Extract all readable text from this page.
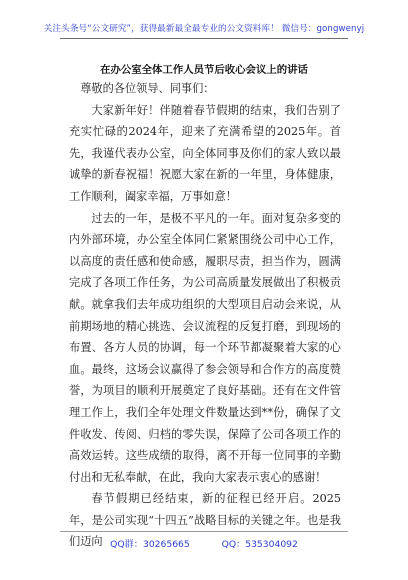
关注头条号“公文研究”，获得最新最全最专业的公文资料库！ 微信号：gongwenyj
在办公室全体工作人员节后收心会议上的讲话

尊敬的各位领导、同事们：

大家新年好！伴随着春节假期的结束，我们告别了充实忙碌的2024年，迎来了充满希望的2025年。首先，我谨代表办公室，向全体同事及你们的家人致以最诚挚的新春祝福！祝愿大家在新的一年里，身体健康，工作顺利，阖家幸福，万事如意！

过去的一年，是极不平凡的一年。面对复杂多变的内外部环境，办公室全体同仁紧紧围绕公司中心工作，以高度的责任感和使命感，履职尽责，担当作为，圆满完成了各项工作任务，为公司高质量发展做出了积极贡献。就拿我们去年成功组织的大型项目启动会来说，从前期场地的精心挑选、会议流程的反复打磨，到现场的布置、各方人员的协调，每一个环节都凝聚着大家的心血。最终，这场会议赢得了参会领导和合作方的高度赞誉，为项目的顺利开展奠定了良好基础。还有在文件管理工作上，我们全年处理文件数量达到**份，确保了文件收发、传阅、归档的零失误，保障了公司各项工作的高效运转。这些成绩的取得，离不开每一位同事的辛勤付出和无私奉献，在此，我向大家表示衷心的感谢！

春节假期已经结束，新的征程已经开启。2025年，是公司实现“十四五”战略目标的关键之年。也是我们迈向 QQ群：30265665	QQ：535304092
